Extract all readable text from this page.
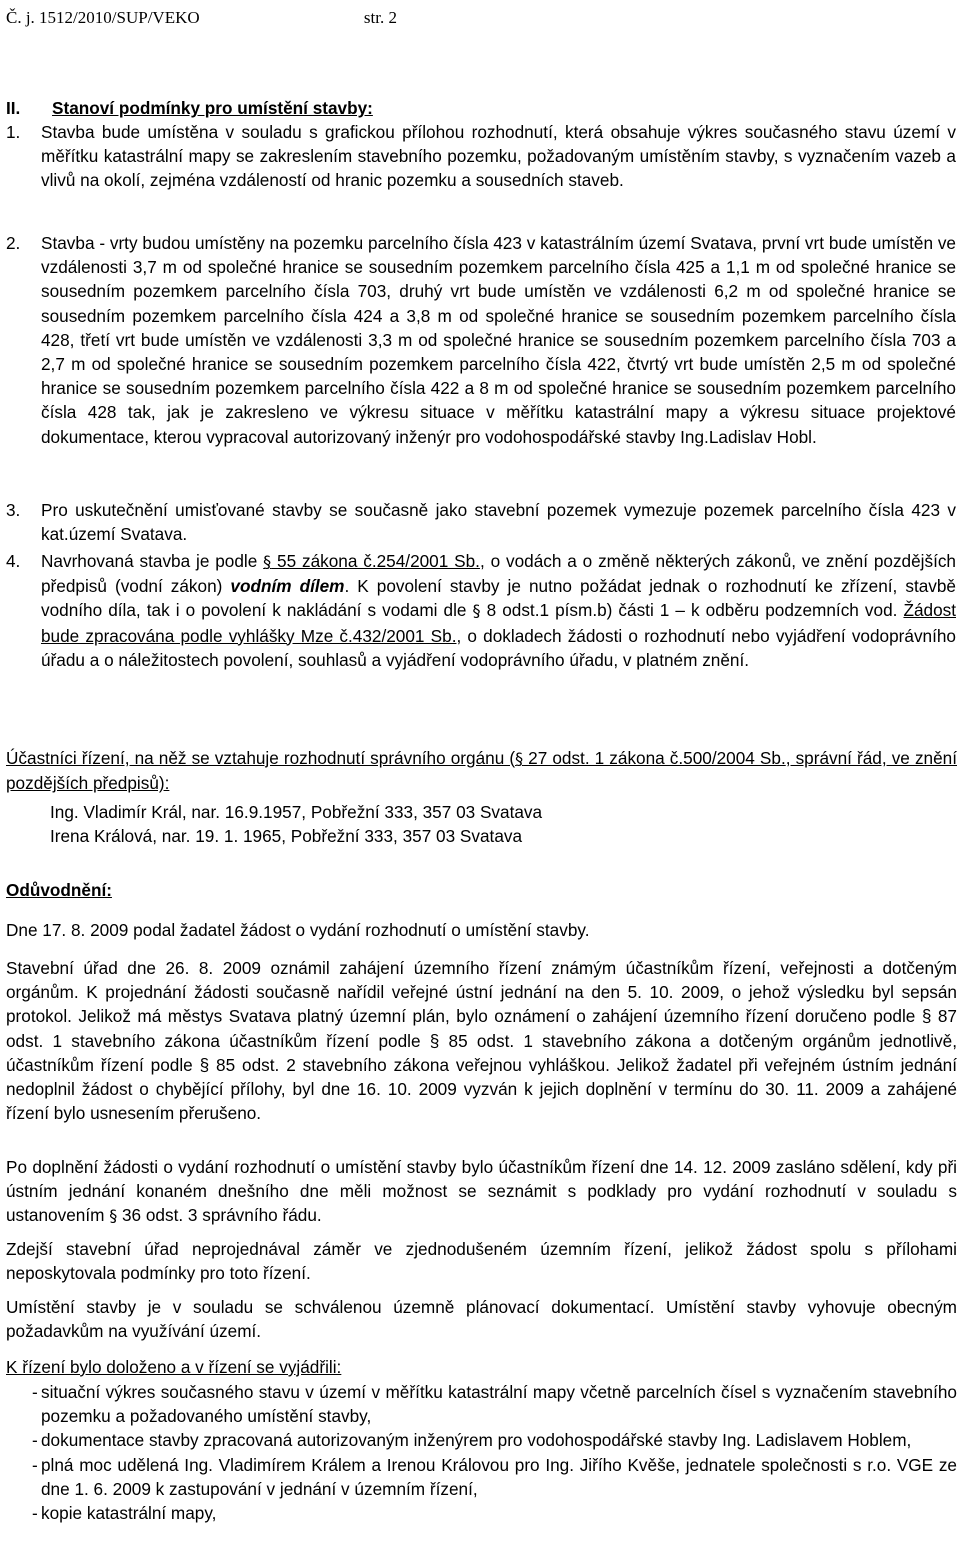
Č. j. 1512/2010/SUP/VEKO	str. 2
II. Stanoví podmínky pro umístění stavby:
1. Stavba bude umístěna v souladu s grafickou přílohou rozhodnutí, která obsahuje výkres současného stavu území v měřítku katastrální mapy se zakreslením stavebního pozemku, požadovaným umístěním stavby, s vyznačením vazeb a vlivů na okolí, zejména vzdáleností od hranic pozemku a sousedních staveb.
2. Stavba - vrty budou umístěny na pozemku parcelního čísla 423 v katastrálním území Svatava, první vrt bude umístěn ve vzdálenosti 3,7 m od společné hranice se sousedním pozemkem parcelního čísla 425 a 1,1 m od společné hranice se sousedním pozemkem parcelního čísla 703, druhý vrt bude umístěn ve vzdálenosti 6,2 m od společné hranice se sousedním pozemkem parcelního čísla 424 a 3,8 m od společné hranice se sousedním pozemkem parcelního čísla 428, třetí vrt bude umístěn ve vzdálenosti 3,3 m od společné hranice se sousedním pozemkem parcelního čísla 703 a 2,7 m od společné hranice se sousedním pozemkem parcelního čísla 422, čtvrtý vrt bude umístěn 2,5 m od společné hranice se sousedním pozemkem parcelního čísla 422 a 8 m od společné hranice se sousedním pozemkem parcelního čísla 428 tak, jak je zakresleno ve výkresu situace v měřítku katastrální mapy a výkresu situace projektové dokumentace, kterou vypracoval autorizovaný inženýr pro vodohospodářské stavby Ing.Ladislav Hobl.
3. Pro uskutečnění umisťované stavby se současně jako stavební pozemek vymezuje pozemek parcelního čísla 423 v kat.území Svatava.
4. Navrhovaná stavba je podle § 55 zákona č.254/2001 Sb., o vodách a o změně některých zákonů, ve znění pozdějších předpisů (vodní zákon) vodním dílem. K povolení stavby je nutno požádat jednak o rozhodnutí ke zřízení, stavbě vodního díla, tak i o povolení k nakládání s vodami dle § 8 odst.1 písm.b) části 1 – k odběru podzemních vod. Žádost bude zpracována podle vyhlášky Mze č.432/2001 Sb., o dokladech žádosti o rozhodnutí nebo vyjádření vodoprávního úřadu a o náležitostech povolení, souhlasů a vyjádření vodoprávního úřadu, v platném znění.
Účastníci řízení, na něž se vztahuje rozhodnutí správního orgánu (§ 27 odst. 1 zákona č.500/2004 Sb., správní řád, ve znění pozdějších předpisů):
Ing. Vladimír Král, nar. 16.9.1957, Pobřežní 333, 357 03 Svatava
Irena Králová, nar. 19. 1. 1965, Pobřežní 333, 357 03 Svatava
Odůvodnění:
Dne 17. 8. 2009 podal žadatel žádost o vydání rozhodnutí o umístění stavby.
Stavební úřad dne 26. 8. 2009 oznámil zahájení územního řízení známým účastníkům řízení, veřejnosti a dotčeným orgánům. K projednání žádosti současně nařídil veřejné ústní jednání na den 5. 10. 2009, o jehož výsledku byl sepsán protokol. Jelikož má městys Svatava platný územní plán, bylo oznámení o zahájení územního řízení doručeno podle § 87 odst. 1 stavebního zákona účastníkům řízení podle § 85 odst. 1 stavebního zákona a dotčeným orgánům jednotlivě, účastníkům řízení podle § 85 odst. 2 stavebního zákona veřejnou vyhláškou. Jelikož žadatel při veřejném ústním jednání nedoplnil žádost o chybějící přílohy, byl dne 16. 10. 2009 vyzván k jejich doplnění v termínu do 30. 11. 2009 a zahájené řízení bylo usnesením přerušeno.
Po doplnění žádosti o vydání rozhodnutí o umístění stavby bylo účastníkům řízení dne 14. 12. 2009 zasláno sdělení, kdy při ústním jednání konaném dnešního dne měli možnost se seznámit s podklady pro vydání rozhodnutí v souladu s ustanovením § 36 odst. 3 správního řádu.
Zdejší stavební úřad neprojednával záměr ve zjednodušeném územním řízení, jelikož žádost spolu s přílohami neposkytovala podmínky pro toto řízení.
Umístění stavby je v souladu se schválenou územně plánovací dokumentací. Umístění stavby vyhovuje obecným požadavkům na využívání území.
K řízení bylo doloženo a v řízení se vyjádřili:
- situační výkres současného stavu v území v měřítku katastrální mapy včetně parcelních čísel s vyznačením stavebního pozemku a požadovaného umístění stavby,
- dokumentace stavby zpracovaná autorizovaným inženýrem pro vodohospodářské stavby Ing. Ladislavem Hoblem,
- plná moc udělená Ing. Vladimírem Králem a Irenou Královou pro Ing. Jiřího Kvěše, jednatele společnosti s r.o. VGE ze dne 1. 6. 2009 k zastupování v jednání v územním řízení,
- kopie katastrální mapy,
